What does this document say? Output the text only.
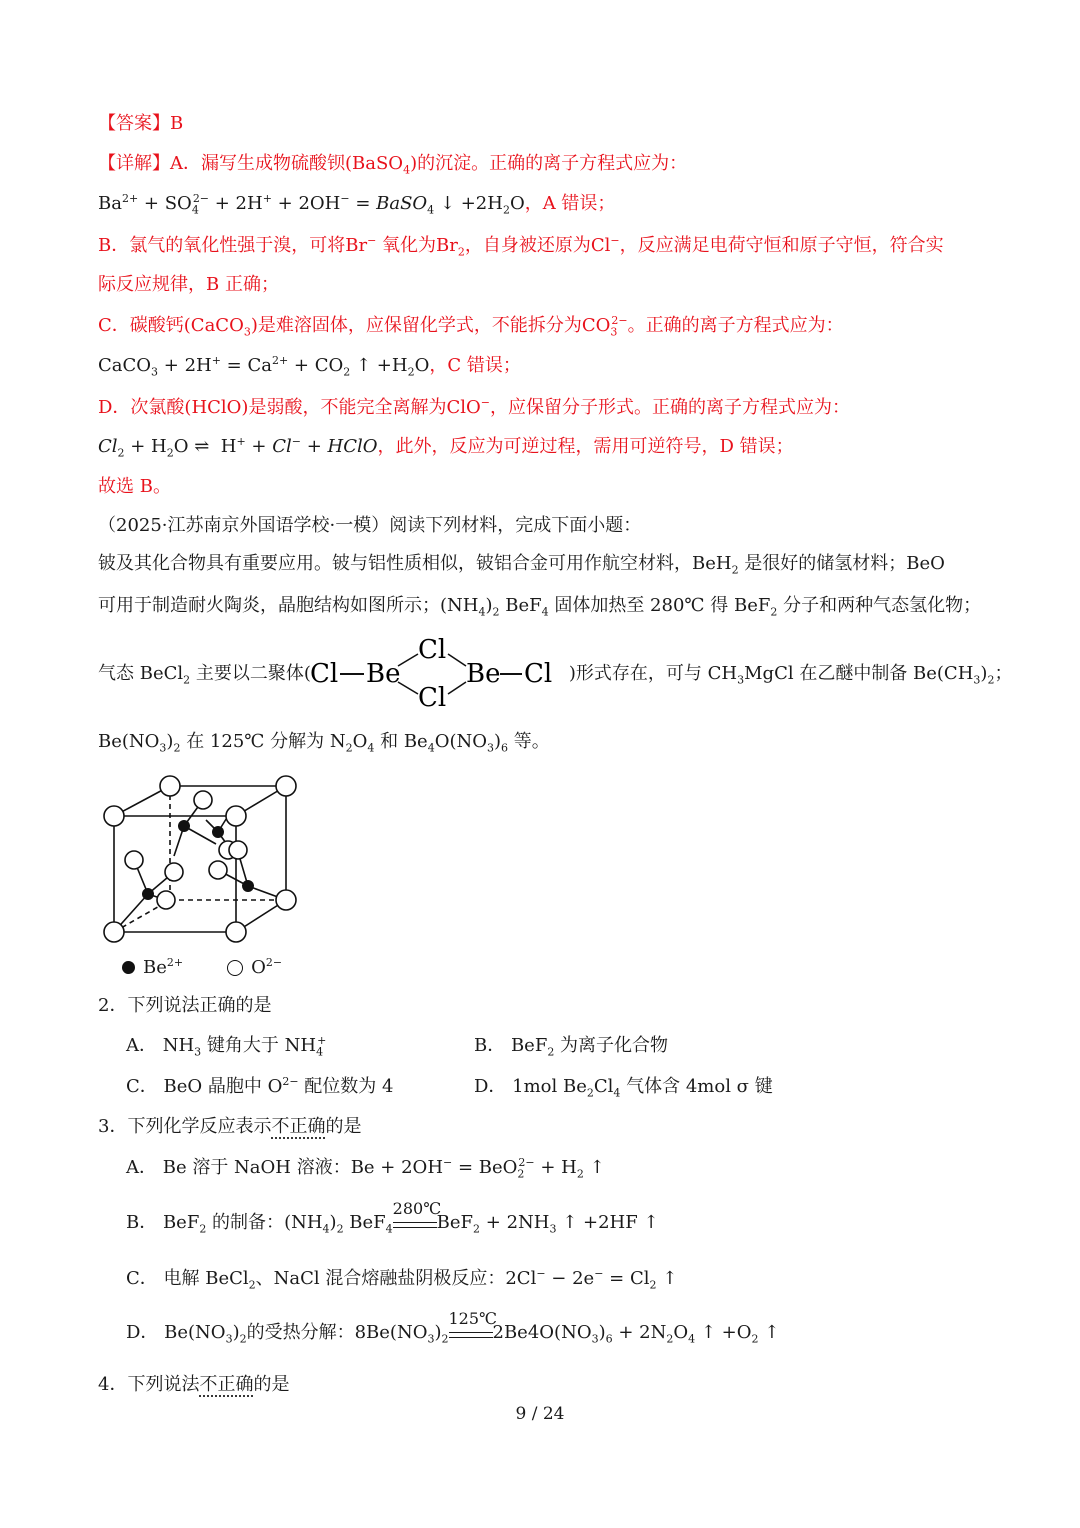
【答案】B
【详解】A．漏写生成物硫酸钡(BaSO$_4$)的沉淀。正确的离子方程式应为：
$Ba^{2+} + SO_4^{2-} + 2H^+ + 2OH^-$ = BaSO$_4$ ↓ $+2H_2O$，A 错误；
B．氯气的氧化性强于溴，可将Br− 氧化为$Br_2$，自身被还原为Cl−，反应满足电荷守恒和原子守恒，符合实
际反应规律，B 正确；
C．碳酸钙(CaCO$_3$)是难溶固体，应保留化学式，不能拆分为$CO_3^{2-}$。正确的离子方程式应为：
CaCO$_3$ + $2H^+ = Ca^{2+} + CO_2$ ↑ $+H_2O$，C 错误；
D．次氯酸(HClO)是弱酸，不能完全离解为ClO−，应保留分子形式。正确的离子方程式应为：
$Cl_2 + H_2O$ ⇌  H+ + Cl− + HClO，此外，反应为可逆过程，需用可逆符号，D 错误；
故选 B。
（2025·江苏南京外国语学校·一模）阅读下列材料，完成下面小题：
铍及其化合物具有重要应用。铍与铝性质相似，铍铝合金可用作航空材料，BeH$_2$ 是很好的储氢材料；BeO
可用于制造耐火陶炎，晶胞结构如图所示；$(NH_4)_2$ BeF$_4$ 固体加热至 280℃ 得 BeF$_2$ 分子和两种气态氢化物；
气态 BeCl$_2$ 主要以二聚体(	)形式存在，可与 $CH_3MgCl$ 在乙醚中制备 $Be(CH_3)_2$；
Cl Be
Cl
Cl
Be Cl
$Be(NO_3)_2$ 在 125℃ 分解为 $N_2O_4$ 和 $Be_4O(NO_3)_6$ 等。
$Be^{2+}$	$O^{2-}$
2．下列说法正确的是
A． $NH_3$ 键角大于 $NH_4^+$	B． BeF$_2$ 为离子化合物
C． BeO 晶胞中 $O^{2-}$ 配位数为 4	D． 1mol $Be_2Cl_4$ 气体含 4mol σ 键
3．下列化学反应表示不正确的是
A． Be 溶于 NaOH 溶液：$Be + 2OH^- = BeO_2^{2-} + H_2$ ↑
B． BeF$_2$ 的制备：$(NH_4)_2$ BeF$_4$
280℃
$BeF_2 + 2NH_3$ ↑ +2HF ↑
C． 电解 BeCl$_2$、NaCl 混合熔融盐阴极反应：$2Cl^- - 2e^- = Cl_2$ ↑
D． $Be(NO_3)_2$的受热分解：$8Be(NO_3)_2$
125℃
$2Be4O(NO_3)_6 + 2N_2O_4$ ↑ $+O_2$ ↑
4．下列说法不正确的是
9 / 24
